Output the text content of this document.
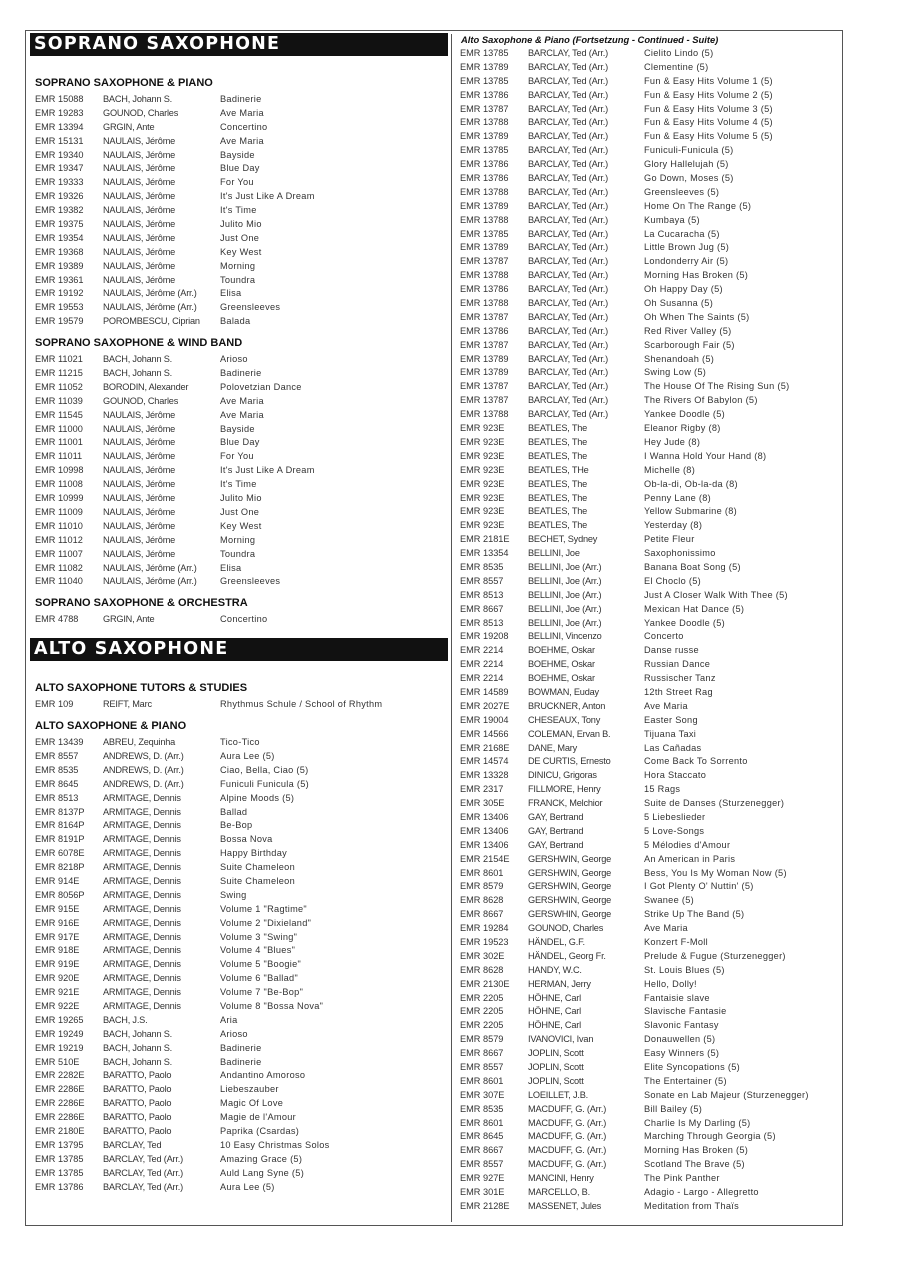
SOPRANO SAXOPHONE
SOPRANO SAXOPHONE & PIANO
EMR 15088	BACH, Johann S.	Badinerie
EMR 19283	GOUNOD, Charles	Ave Maria
EMR 13394	GRGIN, Ante	Concertino
EMR 15131	NAULAIS, Jérôme	Ave Maria
EMR 19340	NAULAIS, Jérôme	Bayside
EMR 19347	NAULAIS, Jérôme	Blue Day
EMR 19333	NAULAIS, Jérôme	For You
EMR 19326	NAULAIS, Jérôme	It's Just Like A Dream
EMR 19382	NAULAIS, Jérôme	It's Time
EMR 19375	NAULAIS, Jérôme	Julito Mio
EMR 19354	NAULAIS, Jérôme	Just One
EMR 19368	NAULAIS, Jérôme	Key West
EMR 19389	NAULAIS, Jérôme	Morning
EMR 19361	NAULAIS, Jérôme	Toundra
EMR 19192	NAULAIS, Jérôme (Arr.)	Elisa
EMR 19553	NAULAIS, Jérôme (Arr.)	Greensleeves
EMR 19579	POROMBESCU, Ciprian	Balada
SOPRANO SAXOPHONE & WIND BAND
EMR 11021	BACH, Johann S.	Arioso
EMR 11215	BACH, Johann S.	Badinerie
EMR 11052	BORODIN, Alexander	Polovetzian Dance
EMR 11039	GOUNOD, Charles	Ave Maria
EMR 11545	NAULAIS, Jérôme	Ave Maria
EMR 11000	NAULAIS, Jérôme	Bayside
EMR 11001	NAULAIS, Jérôme	Blue Day
EMR 11011	NAULAIS, Jérôme	For You
EMR 10998	NAULAIS, Jérôme	It's Just Like A Dream
EMR 11008	NAULAIS, Jérôme	It's Time
EMR 10999	NAULAIS, Jérôme	Julito Mio
EMR 11009	NAULAIS, Jérôme	Just One
EMR 11010	NAULAIS, Jérôme	Key West
EMR 11012	NAULAIS, Jérôme	Morning
EMR 11007	NAULAIS, Jérôme	Toundra
EMR 11082	NAULAIS, Jérôme (Arr.)	Elisa
EMR 11040	NAULAIS, Jérôme (Arr.)	Greensleeves
SOPRANO SAXOPHONE & ORCHESTRA
EMR 4788	GRGIN, Ante	Concertino
ALTO SAXOPHONE
ALTO SAXOPHONE TUTORS & STUDIES
EMR 109	REIFT, Marc	Rhythmus Schule / School of Rhythm
ALTO SAXOPHONE & PIANO
EMR 13439	ABREU, Zequinha	Tico-Tico
EMR 8557	ANDREWS, D. (Arr.)	Aura Lee (5)
EMR 8535	ANDREWS, D. (Arr.)	Ciao, Bella, Ciao (5)
EMR 8645	ANDREWS, D. (Arr.)	Funiculi Funicula (5)
EMR 8513	ARMITAGE, Dennis	Alpine Moods (5)
EMR 8137P	ARMITAGE, Dennis	Ballad
EMR 8164P	ARMITAGE, Dennis	Be-Bop
EMR 8191P	ARMITAGE, Dennis	Bossa Nova
EMR 6078E	ARMITAGE, Dennis	Happy Birthday
EMR 8218P	ARMITAGE, Dennis	Suite Chameleon
EMR 914E	ARMITAGE, Dennis	Suite Chameleon
EMR 8056P	ARMITAGE, Dennis	Swing
EMR 915E	ARMITAGE, Dennis	Volume 1 "Ragtime"
EMR 916E	ARMITAGE, Dennis	Volume 2 "Dixieland"
EMR 917E	ARMITAGE, Dennis	Volume 3 "Swing"
EMR 918E	ARMITAGE, Dennis	Volume 4 "Blues"
EMR 919E	ARMITAGE, Dennis	Volume 5 "Boogie"
EMR 920E	ARMITAGE, Dennis	Volume 6 "Ballad"
EMR 921E	ARMITAGE, Dennis	Volume 7 "Be-Bop"
EMR 922E	ARMITAGE, Dennis	Volume 8 "Bossa Nova"
EMR 19265	BACH, J.S.	Aria
EMR 19249	BACH, Johann S.	Arioso
EMR 19219	BACH, Johann S.	Badinerie
EMR 510E	BACH, Johann S.	Badinerie
EMR 2282E	BARATTO, Paolo	Andantino Amoroso
EMR 2286E	BARATTO, Paolo	Liebeszauber
EMR 2286E	BARATTO, Paolo	Magic Of Love
EMR 2286E	BARATTO, Paolo	Magie de l'Amour
EMR 2180E	BARATTO, Paolo	Paprika (Csardas)
EMR 13795	BARCLAY, Ted	10 Easy Christmas Solos
EMR 13785	BARCLAY, Ted (Arr.)	Amazing Grace (5)
EMR 13785	BARCLAY, Ted (Arr.)	Auld Lang Syne (5)
EMR 13786	BARCLAY, Ted (Arr.)	Aura Lee (5)
Alto Saxophone & Piano (Fortsetzung - Continued - Suite)
EMR 13785	BARCLAY, Ted (Arr.)	Cielito Lindo (5)
EMR 13789	BARCLAY, Ted (Arr.)	Clementine (5)
EMR 13785	BARCLAY, Ted (Arr.)	Fun & Easy Hits Volume 1 (5)
EMR 13786	BARCLAY, Ted (Arr.)	Fun & Easy Hits Volume 2 (5)
EMR 13787	BARCLAY, Ted (Arr.)	Fun & Easy Hits Volume 3 (5)
EMR 13788	BARCLAY, Ted (Arr.)	Fun & Easy Hits Volume 4 (5)
EMR 13789	BARCLAY, Ted (Arr.)	Fun & Easy Hits Volume 5 (5)
EMR 13785	BARCLAY, Ted (Arr.)	Funiculi-Funicula (5)
EMR 13786	BARCLAY, Ted (Arr.)	Glory Hallelujah (5)
EMR 13786	BARCLAY, Ted (Arr.)	Go Down, Moses (5)
EMR 13788	BARCLAY, Ted (Arr.)	Greensleeves (5)
EMR 13789	BARCLAY, Ted (Arr.)	Home On The Range (5)
EMR 13788	BARCLAY, Ted (Arr.)	Kumbaya (5)
EMR 13785	BARCLAY, Ted (Arr.)	La Cucaracha (5)
EMR 13789	BARCLAY, Ted (Arr.)	Little Brown Jug (5)
EMR 13787	BARCLAY, Ted (Arr.)	Londonderry Air (5)
EMR 13788	BARCLAY, Ted (Arr.)	Morning Has Broken (5)
EMR 13786	BARCLAY, Ted (Arr.)	Oh Happy Day (5)
EMR 13788	BARCLAY, Ted (Arr.)	Oh Susanna (5)
EMR 13787	BARCLAY, Ted (Arr.)	Oh When The Saints (5)
EMR 13786	BARCLAY, Ted (Arr.)	Red River Valley (5)
EMR 13787	BARCLAY, Ted (Arr.)	Scarborough Fair (5)
EMR 13789	BARCLAY, Ted (Arr.)	Shenandoah (5)
EMR 13789	BARCLAY, Ted (Arr.)	Swing Low (5)
EMR 13787	BARCLAY, Ted (Arr.)	The House Of The Rising Sun (5)
EMR 13787	BARCLAY, Ted (Arr.)	The Rivers Of Babylon (5)
EMR 13788	BARCLAY, Ted (Arr.)	Yankee Doodle (5)
EMR 923E	BEATLES, The	Eleanor Rigby (8)
EMR 923E	BEATLES, The	Hey Jude (8)
EMR 923E	BEATLES, The	I Wanna Hold Your Hand (8)
EMR 923E	BEATLES, THe	Michelle (8)
EMR 923E	BEATLES, The	Ob-la-di, Ob-la-da (8)
EMR 923E	BEATLES, The	Penny Lane (8)
EMR 923E	BEATLES, The	Yellow Submarine (8)
EMR 923E	BEATLES, The	Yesterday (8)
EMR 2181E	BECHET, Sydney	Petite Fleur
EMR 13354	BELLINI, Joe	Saxophonissimo
EMR 8535	BELLINI, Joe (Arr.)	Banana Boat Song (5)
EMR 8557	BELLINI, Joe (Arr.)	El Choclo (5)
EMR 8513	BELLINI, Joe (Arr.)	Just A Closer Walk With Thee (5)
EMR 8667	BELLINI, Joe (Arr.)	Mexican Hat Dance (5)
EMR 8513	BELLINI, Joe (Arr.)	Yankee Doodle (5)
EMR 19208	BELLINI, Vincenzo	Concerto
EMR 2214	BOEHME, Oskar	Danse russe
EMR 2214	BOEHME, Oskar	Russian Dance
EMR 2214	BOEHME, Oskar	Russischer Tanz
EMR 14589	BOWMAN, Euday	12th Street Rag
EMR 2027E	BRUCKNER, Anton	Ave Maria
EMR 19004	CHESEAUX, Tony	Easter Song
EMR 14566	COLEMAN, Ervan B.	Tijuana Taxi
EMR 2168E	DANE, Mary	Las Cañadas
EMR 14574	DE CURTIS, Ernesto	Come Back To Sorrento
EMR 13328	DINICU, Grigoras	Hora Staccato
EMR 2317	FILLMORE, Henry	15 Rags
EMR 305E	FRANCK, Melchior	Suite de Danses (Sturzenegger)
EMR 13406	GAY, Bertrand	5 Liebeslieder
EMR 13406	GAY, Bertrand	5 Love-Songs
EMR 13406	GAY, Bertrand	5 Mélodies d'Amour
EMR 2154E	GERSHWIN, George	An American in Paris
EMR 8601	GERSHWIN, George	Bess, You Is My Woman Now (5)
EMR 8579	GERSHWIN, George	I Got Plenty O' Nuttin' (5)
EMR 8628	GERSHWIN, George	Swanee (5)
EMR 8667	GERSWHIN, George	Strike Up The Band (5)
EMR 19284	GOUNOD, Charles	Ave Maria
EMR 19523	HÄNDEL, G.F.	Konzert F-Moll
EMR 302E	HÄNDEL, Georg Fr.	Prelude & Fugue (Sturzenegger)
EMR 8628	HANDY, W.C.	St. Louis Blues (5)
EMR 2130E	HERMAN, Jerry	Hello, Dolly!
EMR 2205	HÖHNE, Carl	Fantaisie slave
EMR 2205	HÖHNE, Carl	Slavische Fantasie
EMR 2205	HÖHNE, Carl	Slavonic Fantasy
EMR 8579	IVANOVICI, Ivan	Donauwellen (5)
EMR 8667	JOPLIN, Scott	Easy Winners (5)
EMR 8557	JOPLIN, Scott	Elite Syncopations (5)
EMR 8601	JOPLIN, Scott	The Entertainer (5)
EMR 307E	LOEILLET, J.B.	Sonate en Lab Majeur (Sturzenegger)
EMR 8535	MACDUFF, G. (Arr.)	Bill Bailey (5)
EMR 8601	MACDUFF, G. (Arr.)	Charlie Is My Darling (5)
EMR 8645	MACDUFF, G. (Arr.)	Marching Through Georgia (5)
EMR 8667	MACDUFF, G. (Arr.)	Morning Has Broken (5)
EMR 8557	MACDUFF, G. (Arr.)	Scotland The Brave (5)
EMR 927E	MANCINI, Henry	The Pink Panther
EMR 301E	MARCELLO, B.	Adagio - Largo - Allegretto
EMR 2128E	MASSENET, Jules	Meditation from Thaïs
